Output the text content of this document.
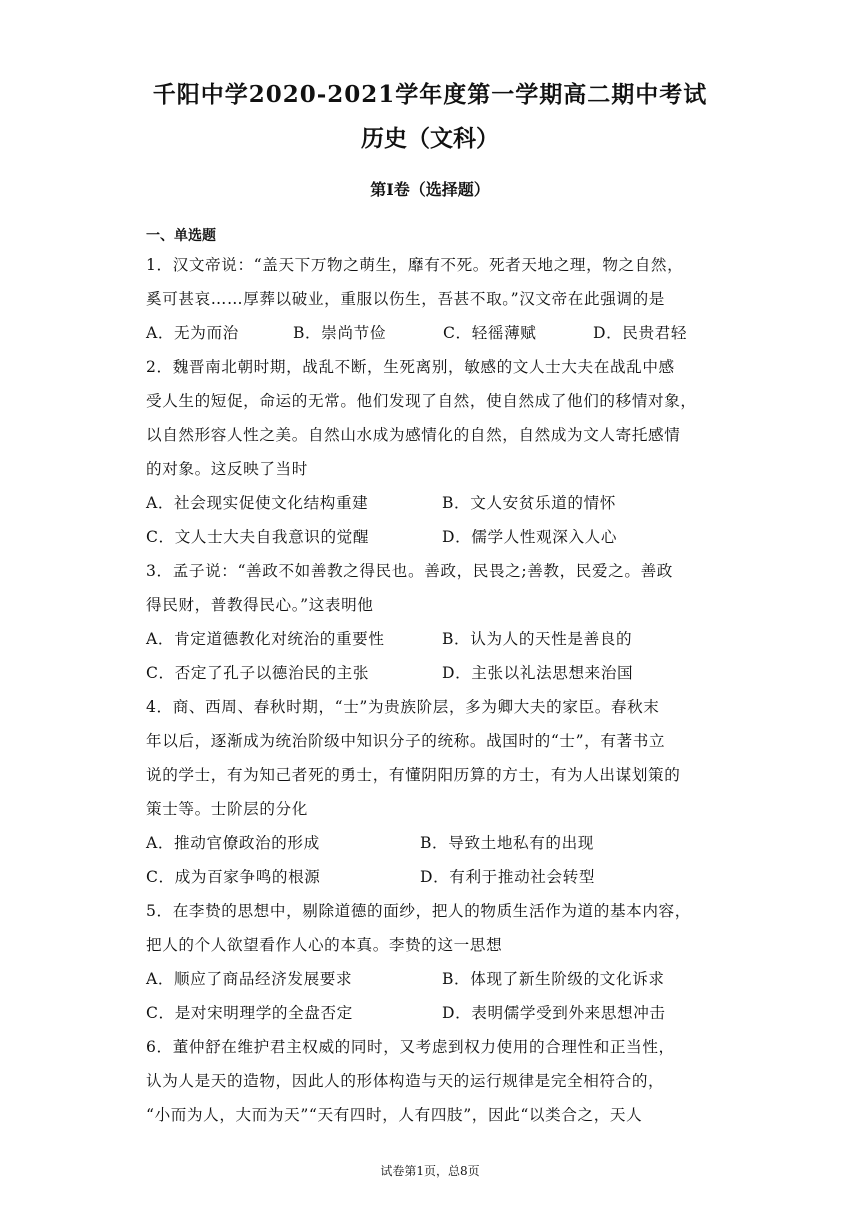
千阳中学2020-2021学年度第一学期高二期中考试
历史（文科）
第Ⅰ卷（选择题）
一、单选题
1．汉文帝说：“盖天下万物之萌生，靡有不死。死者天地之理，物之自然，
奚可甚哀……厚葬以破业，重服以伤生，吾甚不取。”汉文帝在此强调的是
A．无为而治	B．崇尚节俭	C．轻徭薄赋	D．民贵君轻
2．魏晋南北朝时期，战乱不断，生死离别，敏感的文人士大夫在战乱中感
受人生的短促，命运的无常。他们发现了自然，使自然成了他们的移情对象，
以自然形容人性之美。自然山水成为感情化的自然，自然成为文人寄托感情
的对象。这反映了当时
A．社会现实促使文化结构重建	B．文人安贫乐道的情怀
C．文人士大夫自我意识的觉醒	D．儒学人性观深入人心
3．孟子说：“善政不如善教之得民也。善政，民畏之;善教，民爱之。善政
得民财，普教得民心。”这表明他
A．肯定道德教化对统治的重要性	B．认为人的天性是善良的
C．否定了孔子以德治民的主张	D．主张以礼法思想来治国
4．商、西周、春秋时期，“士”为贵族阶层，多为卿大夫的家臣。春秋末
年以后，逐渐成为统治阶级中知识分子的统称。战国时的“士”，有著书立
说的学士，有为知己者死的勇士，有懂阴阳历算的方士，有为人出谋划策的
策士等。士阶层的分化
A．推动官僚政治的形成	B．导致土地私有的出现
C．成为百家争鸣的根源	D．有利于推动社会转型
5．在李贽的思想中，剔除道德的面纱，把人的物质生活作为道的基本内容，
把人的个人欲望看作人心的本真。李贽的这一思想
A．顺应了商品经济发展要求	B．体现了新生阶级的文化诉求
C．是对宋明理学的全盘否定	D．表明儒学受到外来思想冲击
6．董仲舒在维护君主权威的同时，又考虑到权力使用的合理性和正当性，
认为人是天的造物，因此人的形体构造与天的运行规律是完全相符合的，
“小而为人，大而为天”“天有四时，人有四肢”，因此“以类合之，天人
试卷第1页，总8页
